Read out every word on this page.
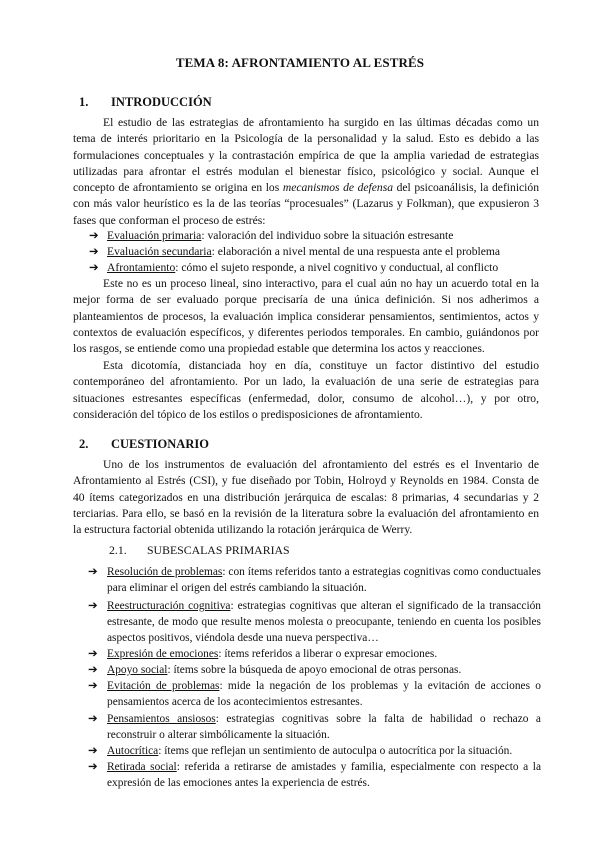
TEMA 8: AFRONTAMIENTO AL ESTRÉS
1. INTRODUCCIÓN
El estudio de las estrategias de afrontamiento ha surgido en las últimas décadas como un tema de interés prioritario en la Psicología de la personalidad y la salud. Esto es debido a las formulaciones conceptuales y la contrastación empírica de que la amplia variedad de estrategias utilizadas para afrontar el estrés modulan el bienestar físico, psicológico y social. Aunque el concepto de afrontamiento se origina en los mecanismos de defensa del psicoanálisis, la definición con más valor heurístico es la de las teorías “procesuales” (Lazarus y Folkman), que expusieron 3 fases que conforman el proceso de estrés:
➔ Evaluación primaria: valoración del individuo sobre la situación estresante
➔ Evaluación secundaria: elaboración a nivel mental de una respuesta ante el problema
➔ Afrontamiento: cómo el sujeto responde, a nivel cognitivo y conductual, al conflicto
Este no es un proceso lineal, sino interactivo, para el cual aún no hay un acuerdo total en la mejor forma de ser evaluado porque precisaría de una única definición. Si nos adherimos a planteamientos de procesos, la evaluación implica considerar pensamientos, sentimientos, actos y contextos de evaluación específicos, y diferentes periodos temporales. En cambio, guiándonos por los rasgos, se entiende como una propiedad estable que determina los actos y reacciones.
Esta dicotomía, distanciada hoy en día, constituye un factor distintivo del estudio contemporáneo del afrontamiento. Por un lado, la evaluación de una serie de estrategias para situaciones estresantes específicas (enfermedad, dolor, consumo de alcohol…), y por otro, consideración del tópico de los estilos o predisposiciones de afrontamiento.
2. CUESTIONARIO
Uno de los instrumentos de evaluación del afrontamiento del estrés es el Inventario de Afrontamiento al Estrés (CSI), y fue diseñado por Tobin, Holroyd y Reynolds en 1984. Consta de 40 ítems categorizados en una distribución jerárquica de escalas: 8 primarias, 4 secundarias y 2 terciarias. Para ello, se basó en la revisión de la literatura sobre la evaluación del afrontamiento en la estructura factorial obtenida utilizando la rotación jerárquica de Werry.
2.1. SUBESCALAS PRIMARIAS
➔ Resolución de problemas: con ítems referidos tanto a estrategias cognitivas como conductuales para eliminar el origen del estrés cambiando la situación.
➔ Reestructuración cognitiva: estrategias cognitivas que alteran el significado de la transacción estresante, de modo que resulte menos molesta o preocupante, teniendo en cuenta los posibles aspectos positivos, viéndola desde una nueva perspectiva…
➔ Expresión de emociones: ítems referidos a liberar o expresar emociones.
➔ Apoyo social: ítems sobre la búsqueda de apoyo emocional de otras personas.
➔ Evitación de problemas: mide la negación de los problemas y la evitación de acciones o pensamientos acerca de los acontecimientos estresantes.
➔ Pensamientos ansiosos: estrategias cognitivas sobre la falta de habilidad o rechazo a reconstruir o alterar simbólicamente la situación.
➔ Autocrítica: ítems que reflejan un sentimiento de autoculpa o autocrítica por la situación.
➔ Retirada social: referida a retirarse de amistades y familia, especialmente con respecto a la expresión de las emociones antes la experiencia de estrés.
